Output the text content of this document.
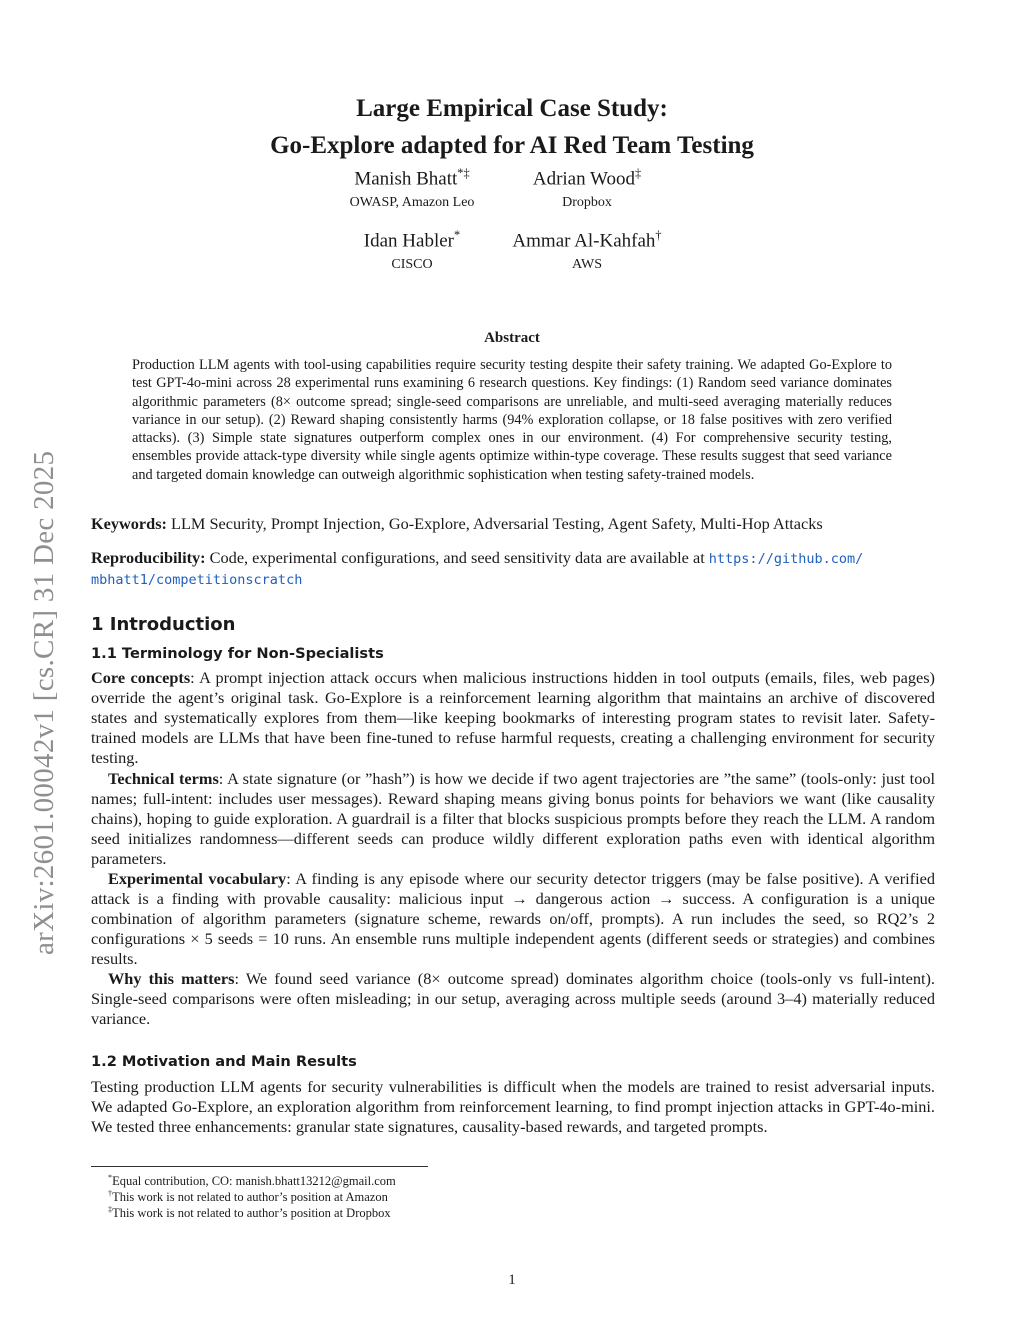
arXiv:2601.00042v1 [cs.CR] 31 Dec 2025
Large Empirical Case Study:
Go-Explore adapted for AI Red Team Testing
Manish Bhatt*‡
OWASP, Amazon Leo
Adrian Wood‡
Dropbox
Idan Habler*
CISCO
Ammar Al-Kahfah†
AWS
Abstract
Production LLM agents with tool-using capabilities require security testing despite their safety training. We adapted Go-Explore to test GPT-4o-mini across 28 experimental runs examining 6 research questions. Key findings: (1) Random seed variance dominates algorithmic parameters (8× outcome spread; single-seed comparisons are unreliable, and multi-seed averaging materially reduces variance in our setup). (2) Reward shaping consistently harms (94% exploration collapse, or 18 false positives with zero verified attacks). (3) Simple state signatures outperform complex ones in our environment. (4) For comprehensive security testing, ensembles provide attack-type diversity while single agents optimize within-type coverage. These results suggest that seed variance and targeted domain knowledge can outweigh algorithmic sophistication when testing safety-trained models.
Keywords: LLM Security, Prompt Injection, Go-Explore, Adversarial Testing, Agent Safety, Multi-Hop Attacks
Reproducibility: Code, experimental configurations, and seed sensitivity data are available at https://github.com/
mbhatt1/competitionscratch
1 Introduction
1.1 Terminology for Non-Specialists
Core concepts: A prompt injection attack occurs when malicious instructions hidden in tool outputs (emails, files, web pages) override the agent’s original task. Go-Explore is a reinforcement learning algorithm that maintains an archive of discovered states and systematically explores from them—like keeping bookmarks of interesting program states to revisit later. Safety-trained models are LLMs that have been fine-tuned to refuse harmful requests, creating a challenging environment for security testing.
Technical terms: A state signature (or ”hash”) is how we decide if two agent trajectories are ”the same” (tools-only: just tool names; full-intent: includes user messages). Reward shaping means giving bonus points for behaviors we want (like causality chains), hoping to guide exploration. A guardrail is a filter that blocks suspicious prompts before they reach the LLM. A random seed initializes randomness—different seeds can produce wildly different exploration paths even with identical algorithm parameters.
Experimental vocabulary: A finding is any episode where our security detector triggers (may be false positive). A verified attack is a finding with provable causality: malicious input → dangerous action → success. A configuration is a unique combination of algorithm parameters (signature scheme, rewards on/off, prompts). A run includes the seed, so RQ2’s 2 configurations × 5 seeds = 10 runs. An ensemble runs multiple independent agents (different seeds or strategies) and combines results.
Why this matters: We found seed variance (8× outcome spread) dominates algorithm choice (tools-only vs full-intent). Single-seed comparisons were often misleading; in our setup, averaging across multiple seeds (around 3–4) materially reduced variance.
1.2 Motivation and Main Results
Testing production LLM agents for security vulnerabilities is difficult when the models are trained to resist adversarial inputs. We adapted Go-Explore, an exploration algorithm from reinforcement learning, to find prompt injection attacks in GPT-4o-mini. We tested three enhancements: granular state signatures, causality-based rewards, and targeted prompts.
*Equal contribution, CO: manish.bhatt13212@gmail.com
†This work is not related to author’s position at Amazon
‡This work is not related to author’s position at Dropbox
1
